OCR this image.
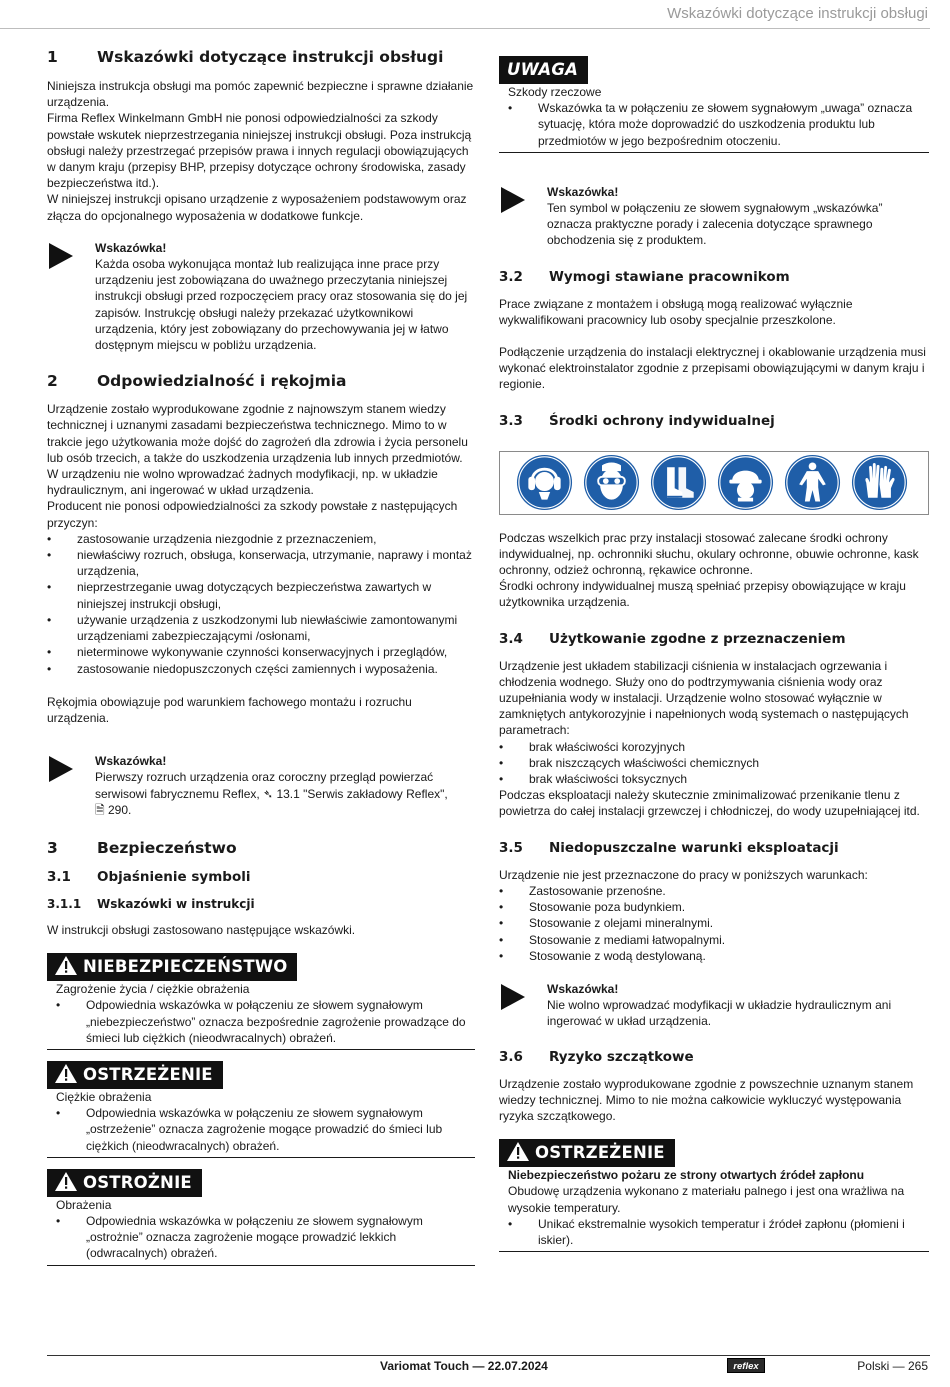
Wskazówki dotyczące instrukcji obsługi
1	Wskazówki dotyczące instrukcji obsługi

Niniejsza instrukcja obsługi ma pomóc zapewnić bezpieczne i sprawne działanie urządzenia.

Firma Reflex Winkelmann GmbH nie ponosi odpowiedzialności za szkody powstałe wskutek nieprzestrzegania niniejszej instrukcji obsługi. Poza instrukcją obsługi należy przestrzegać przepisów prawa i innych regulacji obowiązujących w danym kraju (przepisy BHP, przepisy dotyczące ochrony środowiska, zasady bezpieczeństwa itd.).

W niniejszej instrukcji opisano urządzenie z wyposażeniem podstawowym oraz złącza do opcjonalnego wyposażenia w dodatkowe funkcje.

Wskazówka!
Każda osoba wykonująca montaż lub realizująca inne prace przy urządzeniu jest zobowiązana do uważnego przeczytania niniejszej instrukcji obsługi przed rozpoczęciem pracy oraz stosowania się do jej zapisów. Instrukcję obsługi należy przekazać użytkownikowi urządzenia, który jest zobowiązany do przechowywania jej w łatwo dostępnym miejscu w pobliżu urządzenia.
2	Odpowiedzialność i rękojmia

Urządzenie zostało wyprodukowane zgodnie z najnowszym stanem wiedzy technicznej i uznanymi zasadami bezpieczeństwa technicznego. Mimo to w trakcie jego użytkowania może dojść do zagrożeń dla zdrowia i życia personelu lub osób trzecich, a także do uszkodzenia urządzenia lub innych przedmiotów.

W urządzeniu nie wolno wprowadzać żadnych modyfikacji, np. w układzie hydraulicznym, ani ingerować w układ urządzenia.

Producent nie ponosi odpowiedzialności za szkody powstałe z następujących przyczyn:

• zastosowanie urządzenia niezgodnie z przeznaczeniem,
• niewłaściwy rozruch, obsługa, konserwacja, utrzymanie, naprawy i montaż urządzenia,
• nieprzestrzeganie uwag dotyczących bezpieczeństwa zawartych w niniejszej instrukcji obsługi,
• używanie urządzenia z uszkodzonymi lub niewłaściwie zamontowanymi urządzeniami zabezpieczającymi /osłonami,
• nieterminowe wykonywanie czynności konserwacyjnych i przeglądów,
• zastosowanie niedopuszczonych części zamiennych i wyposażenia.

Rękojmia obowiązuje pod warunkiem fachowego montażu i rozruchu urządzenia.

Wskazówka!
Pierwszy rozruch urządzenia oraz coroczny przegląd powierzać serwisowi fabrycznemu Reflex, ➴ 13.1 "Serwis zakładowy Reflex",
🗎 290.
3	Bezpieczeństwo
3.1	Objaśnienie symboli
3.1.1	Wskazówki w instrukcji

W instrukcji obsługi zastosowano następujące wskazówki.

NIEBEZPIECZEŃSTWO
Zagrożenie życia / ciężkie obrażenia
• Odpowiednia wskazówka w połączeniu ze słowem sygnałowym „niebezpieczeństwo” oznacza bezpośrednie zagrożenie prowadzące do śmieci lub ciężkich (nieodwracalnych) obrażeń.
OSTRZEŻENIE
Ciężkie obrażenia
• Odpowiednia wskazówka w połączeniu ze słowem sygnałowym „ostrzeżenie” oznacza zagrożenie mogące prowadzić do śmieci lub ciężkich (nieodwracalnych) obrażeń.
OSTROŻNIE
Obrażenia
• Odpowiednia wskazówka w połączeniu ze słowem sygnałowym „ostrożnie” oznacza zagrożenie mogące prowadzić lekkich (odwracalnych) obrażeń.
UWAGA
Szkody rzeczowe
• Wskazówka ta w połączeniu ze słowem sygnałowym „uwaga” oznacza sytuację, która może doprowadzić do uszkodzenia produktu lub przedmiotów w jego bezpośrednim otoczeniu.
Wskazówka!
Ten symbol w połączeniu ze słowem sygnałowym „wskazówka” oznacza praktyczne porady i zalecenia dotyczące sprawnego obchodzenia się z produktem.
3.2	Wymogi stawiane pracownikom

Prace związane z montażem i obsługą mogą realizować wyłącznie wykwalifikowani pracownicy lub osoby specjalnie przeszkolone.

Podłączenie urządzenia do instalacji elektrycznej i okablowanie urządzenia musi wykonać elektroinstalator zgodnie z przepisami obowiązującymi w danym kraju i regionie.

3.3	Środki ochrony indywidualnej

Podczas wszelkich prac przy instalacji stosować zalecane środki ochrony indywidualnej, np. ochronniki słuchu, okulary ochronne, obuwie ochronne, kask ochronny, odzież ochronną, rękawice ochronne.

Środki ochrony indywidualnej muszą spełniać przepisy obowiązujące w kraju użytkownika urządzenia.

3.4	Użytkowanie zgodne z przeznaczeniem

Urządzenie jest układem stabilizacji ciśnienia w instalacjach ogrzewania i chłodzenia wodnego. Służy ono do podtrzymywania ciśnienia wody oraz uzupełniania wody w instalacji. Urządzenie wolno stosować wyłącznie w zamkniętych antykorozyjnie i napełnionych wodą systemach o następujących parametrach:

• brak właściwości korozyjnych
• brak niszczących właściwości chemicznych
• brak właściwości toksycznych

Podczas eksploatacji należy skutecznie zminimalizować przenikanie tlenu z powietrza do całej instalacji grzewczej i chłodniczej, do wody uzupełniającej itd.

3.5	Niedopuszczalne warunki eksploatacji

Urządzenie nie jest przeznaczone do pracy w poniższych warunkach:

• Zastosowanie przenośne.
• Stosowanie poza budynkiem.
• Stosowanie z olejami mineralnymi.
• Stosowanie z mediami łatwopalnymi.
• Stosowanie z wodą destylowaną.
Wskazówka!
Nie wolno wprowadzać modyfikacji w układzie hydraulicznym ani ingerować w układ urządzenia.
3.6	Ryzyko szczątkowe

Urządzenie zostało wyprodukowane zgodnie z powszechnie uznanym stanem wiedzy technicznej. Mimo to nie można całkowicie wykluczyć występowania ryzyka szczątkowego.

OSTRZEŻENIE
Niebezpieczeństwo pożaru ze strony otwartych źródeł zapłonu
Obudowę urządzenia wykonano z materiału palnego i jest ona wrażliwa na wysokie temperatury.
• Unikać ekstremalnie wysokich temperatur i źródeł zapłonu (płomieni i iskier).
Variomat Touch — 22.07.2024	reflex	Polski — 265
